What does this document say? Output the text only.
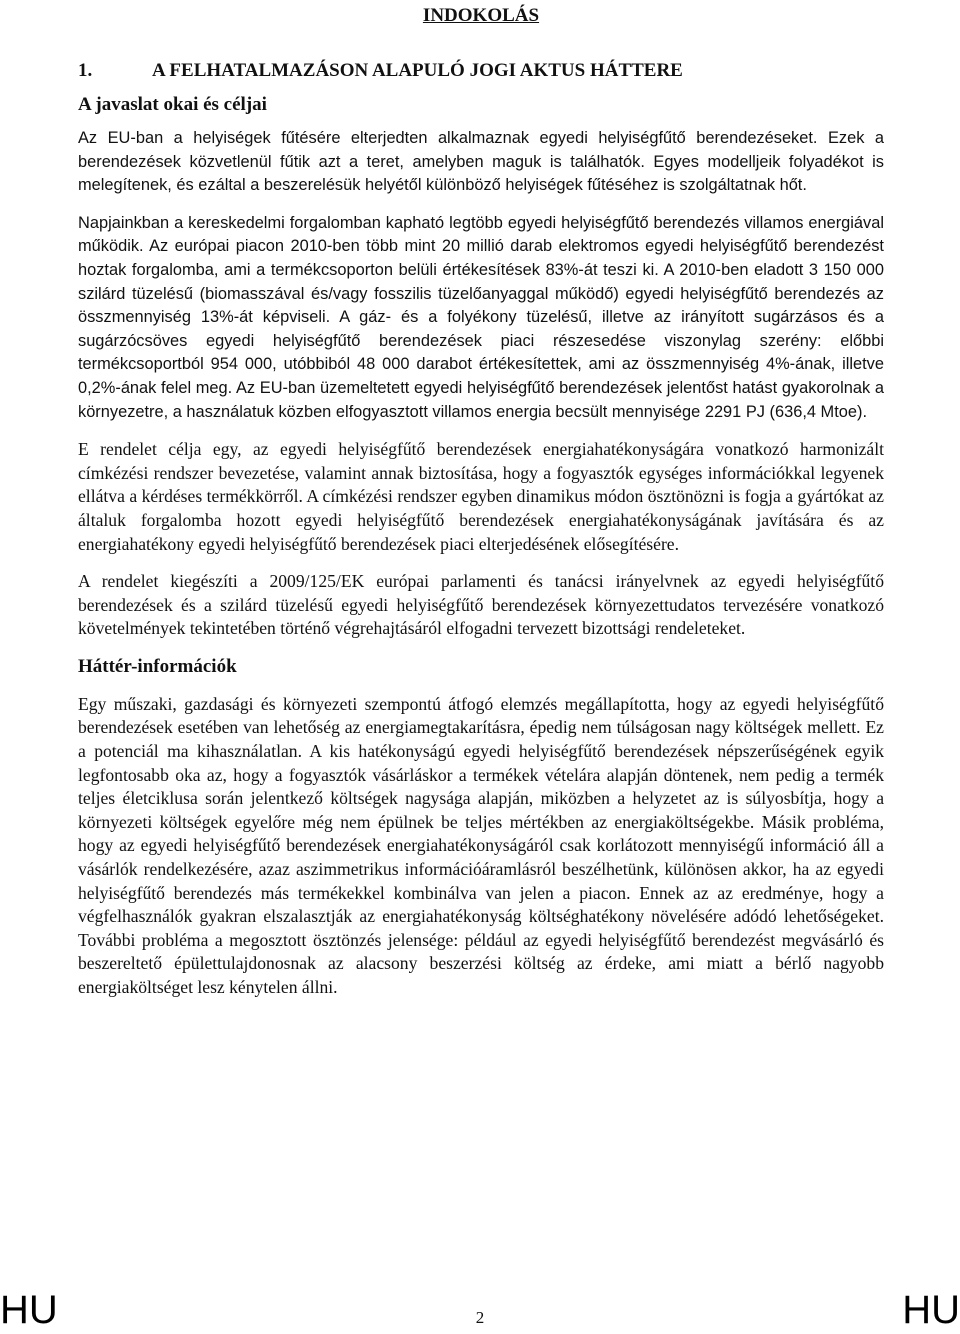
INDOKOLÁS
1.	A FELHATALMAZÁSON ALAPULÓ JOGI AKTUS HÁTTERE
A javaslat okai és céljai

Az EU-ban a helyiségek fűtésére elterjedten alkalmaznak egyedi helyiségfűtő berendezéseket. Ezek a berendezések közvetlenül fűtik azt a teret, amelyben maguk is találhatók. Egyes modelljeik folyadékot is melegítenek, és ezáltal a beszerelésük helyétől különböző helyiségek fűtéséhez is szolgáltatnak hőt.

Napjainkban a kereskedelmi forgalomban kapható legtöbb egyedi helyiségfűtő berendezés villamos energiával működik. Az európai piacon 2010-ben több mint 20 millió darab elektromos egyedi helyiségfűtő berendezést hoztak forgalomba, ami a termékcsoporton belüli értékesítések 83%-át teszi ki. A 2010-ben eladott 3 150 000 szilárd tüzelésű (biomasszával és/vagy fosszilis tüzelőanyaggal működő) egyedi helyiségfűtő berendezés az összmennyiség 13%-át képviseli. A gáz- és a folyékony tüzelésű, illetve az irányított sugárzásos és a sugárzócsöves egyedi helyiségfűtő berendezések piaci részesedése viszonylag szerény: előbbi termékcsoportból 954 000, utóbbiból 48 000 darabot értékesítettek, ami az összmennyiség 4%-ának, illetve 0,2%-ának felel meg. Az EU-ban üzemeltetett egyedi helyiségfűtő berendezések jelentőst hatást gyakorolnak a környezetre, a használatuk közben elfogyasztott villamos energia becsült mennyisége 2291 PJ (636,4 Mtoe).

E rendelet célja egy, az egyedi helyiségfűtő berendezések energiahatékonyságára vonatkozó harmonizált címkézési rendszer bevezetése, valamint annak biztosítása, hogy a fogyasztók egységes információkkal legyenek ellátva a kérdéses termékkörről. A címkézési rendszer egyben dinamikus módon ösztönözni is fogja a gyártókat az általuk forgalomba hozott egyedi helyiségfűtő berendezések energiahatékonyságának javítására és az energiahatékony egyedi helyiségfűtő berendezések piaci elterjedésének elősegítésére.

A rendelet kiegészíti a 2009/125/EK európai parlamenti és tanácsi irányelvnek az egyedi helyiségfűtő berendezések és a szilárd tüzelésű egyedi helyiségfűtő berendezések környezettudatos tervezésére vonatkozó követelmények tekintetében történő végrehajtásáról elfogadni tervezett bizottsági rendeleteket.

Háttér-információk

Egy műszaki, gazdasági és környezeti szempontú átfogó elemzés megállapította, hogy az egyedi helyiségfűtő berendezések esetében van lehetőség az energiamegtakarításra, épedig nem túlságosan nagy költségek mellett. Ez a potenciál ma kihasználatlan. A kis hatékonyságú egyedi helyiségfűtő berendezések népszerűségének egyik legfontosabb oka az, hogy a fogyasztók vásárláskor a termékek vételára alapján döntenek, nem pedig a termék teljes életciklusa során jelentkező költségek nagysága alapján, miközben a helyzetet az is súlyosbítja, hogy a környezeti költségek egyelőre még nem épülnek be teljes mértékben az energiaköltségekbe. Másik probléma, hogy az egyedi helyiségfűtő berendezések energiahatékonyságáról csak korlátozott mennyiségű információ áll a vásárlók rendelkezésére, azaz aszimmetrikus információáramlásról beszélhetünk, különösen akkor, ha az egyedi helyiségfűtő berendezés más termékekkel kombinálva van jelen a piacon. Ennek az az eredménye, hogy a végfelhasználók gyakran elszalasztják az energiahatékonyság költséghatékony növelésére adódó lehetőségeket. További probléma a megosztott ösztönzés jelensége: például az egyedi helyiségfűtő berendezést megvásárló és beszereltető épülettulajdonosnak az alacsony beszerzési költség az érdeke, ami miatt a bérlő nagyobb energiaköltséget lesz kénytelen állni.

HU	2	HU
